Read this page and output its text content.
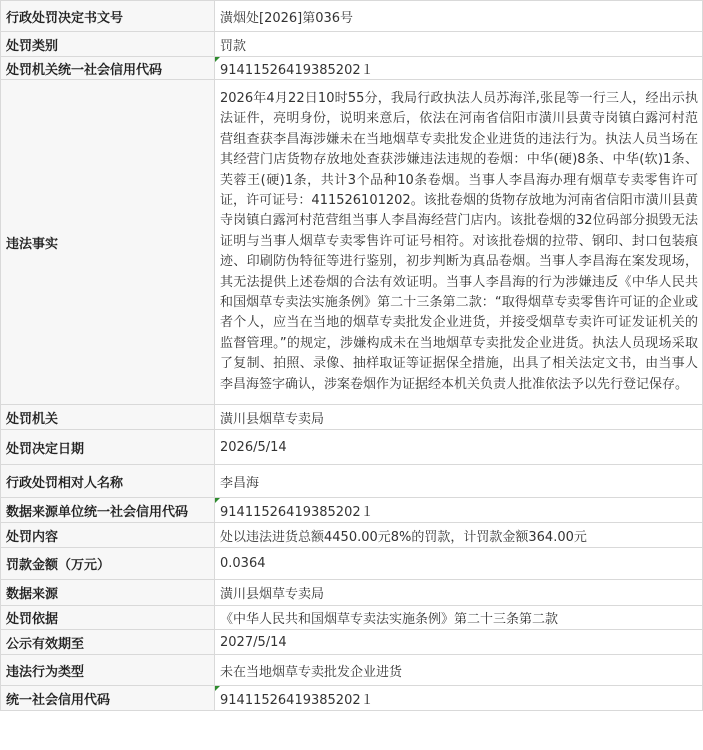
行政处罚决定书文号	潢烟处[2026]第036号
处罚类别	罚款
处罚机关统一社会信用代码	91411526419385202１
违法事实	2026年4月22日10时55分，我局行政执法人员苏海洋,张昆等一行三人，经出示执法证件，亮明身份，说明来意后，依法在河南省信阳市潢川县黄寺岗镇白露河村范营组查获李昌海涉嫌未在当地烟草专卖批发企业进货的违法行为。执法人员当场在其经营门店货物存放地处查获涉嫌违法违规的卷烟：中华(硬)8条、中华(软)1条、芙蓉王(硬)1条，共计3个品种10条卷烟。当事人李昌海办理有烟草专卖零售许可证，许可证号：411526101202。该批卷烟的货物存放地为河南省信阳市潢川县黄寺岗镇白露河村范营组当事人李昌海经营门店内。该批卷烟的32位码部分损毁无法证明与当事人烟草专卖零售许可证号相符。对该批卷烟的拉带、钢印、封口包装痕迹、印刷防伪特征等进行鉴别，初步判断为真品卷烟。当事人李昌海在案发现场，其无法提供上述卷烟的合法有效证明。当事人李昌海的行为涉嫌违反《中华人民共和国烟草专卖法实施条例》第二十三条第二款：“取得烟草专卖零售许可证的企业或者个人，应当在当地的烟草专卖批发企业进货，并接受烟草专卖许可证发证机关的监督管理。”的规定，涉嫌构成未在当地烟草专卖批发企业进货。执法人员现场采取了复制、拍照、录像、抽样取证等证据保全措施，出具了相关法定文书，由当事人李昌海签字确认，涉案卷烟作为证据经本机关负责人批准依法予以先行登记保存。
处罚机关	潢川县烟草专卖局
处罚决定日期	2026/5/14
行政处罚相对人名称	李昌海
数据来源单位统一社会信用代码	91411526419385202１
处罚内容	处以违法进货总额4450.00元8%的罚款，计罚款金额364.00元
罚款金额（万元）	0.0364
数据来源	潢川县烟草专卖局
处罚依据	《中华人民共和国烟草专卖法实施条例》第二十三条第二款
公示有效期至	2027/5/14
违法行为类型	未在当地烟草专卖批发企业进货
统一社会信用代码	91411526419385202１
